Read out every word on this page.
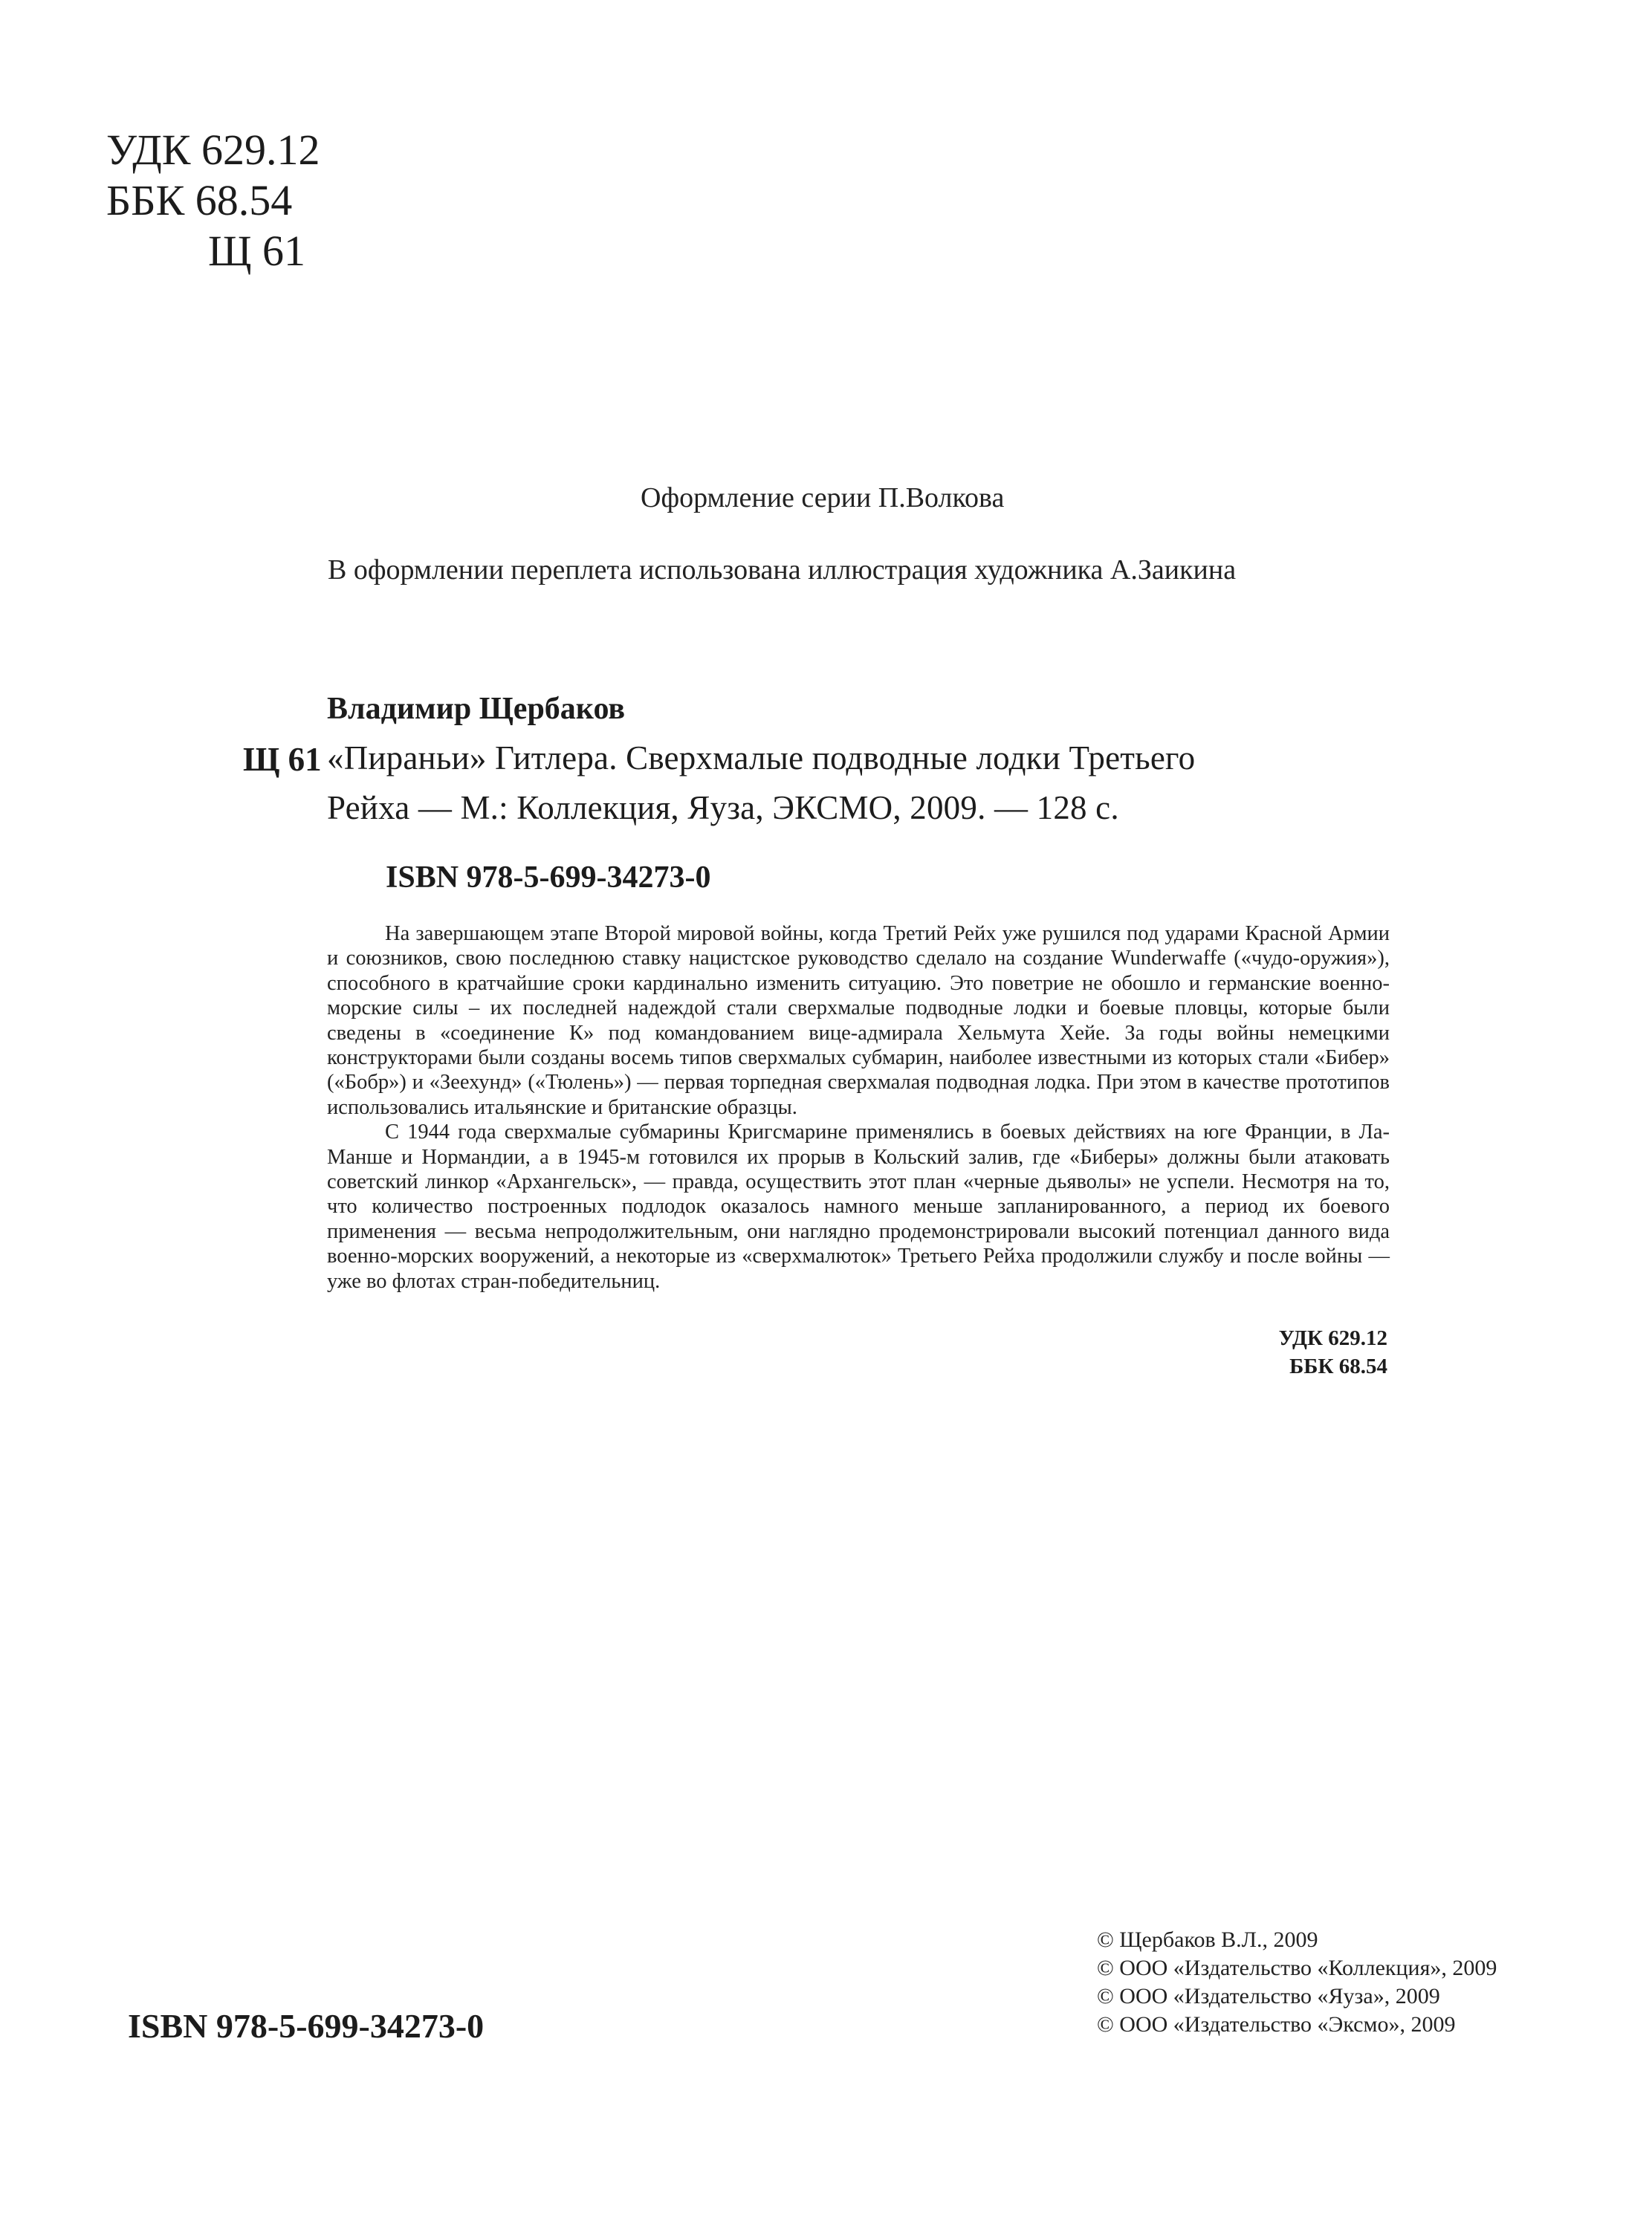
УДК 629.12
ББК 68.54
Щ 61
Оформление серии П.Волкова
В оформлении переплета использована иллюстрация художника А.Заикина
Владимир Щербаков
Щ 61 «Пираньи» Гитлера. Сверхмалые подводные лодки Третьего
Рейха — М.: Коллекция, Яуза, ЭКСМО, 2009. — 128 с.
ISBN 978-5-699-34273-0

На завершающем этапе Второй мировой войны, когда Третий Рейх уже рушился под ударами Красной Армии и союзников, свою последнюю ставку нацистское руководство сделало на создание Wunderwaffe («чудо-оружия»), способного в кратчайшие сроки кардинально изменить ситуацию. Это поветрие не обошло и германские военно-морские силы – их последней надеждой стали сверхмалые подводные лодки и боевые пловцы, которые были сведены в «соединение К» под командованием вице-адмирала Хельмута Хейе. За годы войны немецкими конструкторами были созданы восемь типов сверхмалых субмарин, наиболее известными из которых стали «Бибер» («Бобр») и «Зеехунд» («Тюлень») — первая торпедная сверхмалая подводная лодка. При этом в качестве прототипов использовались итальянские и британские образцы.

С 1944 года сверхмалые субмарины Кригсмарине применялись в боевых действиях на юге Франции, в Ла-Манше и Нормандии, а в 1945-м готовился их прорыв в Кольский залив, где «Биберы» должны были атаковать советский линкор «Архангельск», — правда, осуществить этот план «черные дьяволы» не успели. Несмотря на то, что количество построенных подлодок оказалось намного меньше запланированного, а период их боевого применения — весьма непродолжительным, они наглядно продемонстрировали высокий потенциал данного вида военно-морских вооружений, а некоторые из «сверхмалюток» Третьего Рейха продолжили службу и после войны — уже во флотах стран-победительниц.

УДК 629.12
ББК 68.54
ISBN 978-5-699-34273-0
© Щербаков В.Л., 2009
© ООО «Издательство «Коллекция», 2009
© ООО «Издательство «Яуза», 2009
© ООО «Издательство «Эксмо», 2009
